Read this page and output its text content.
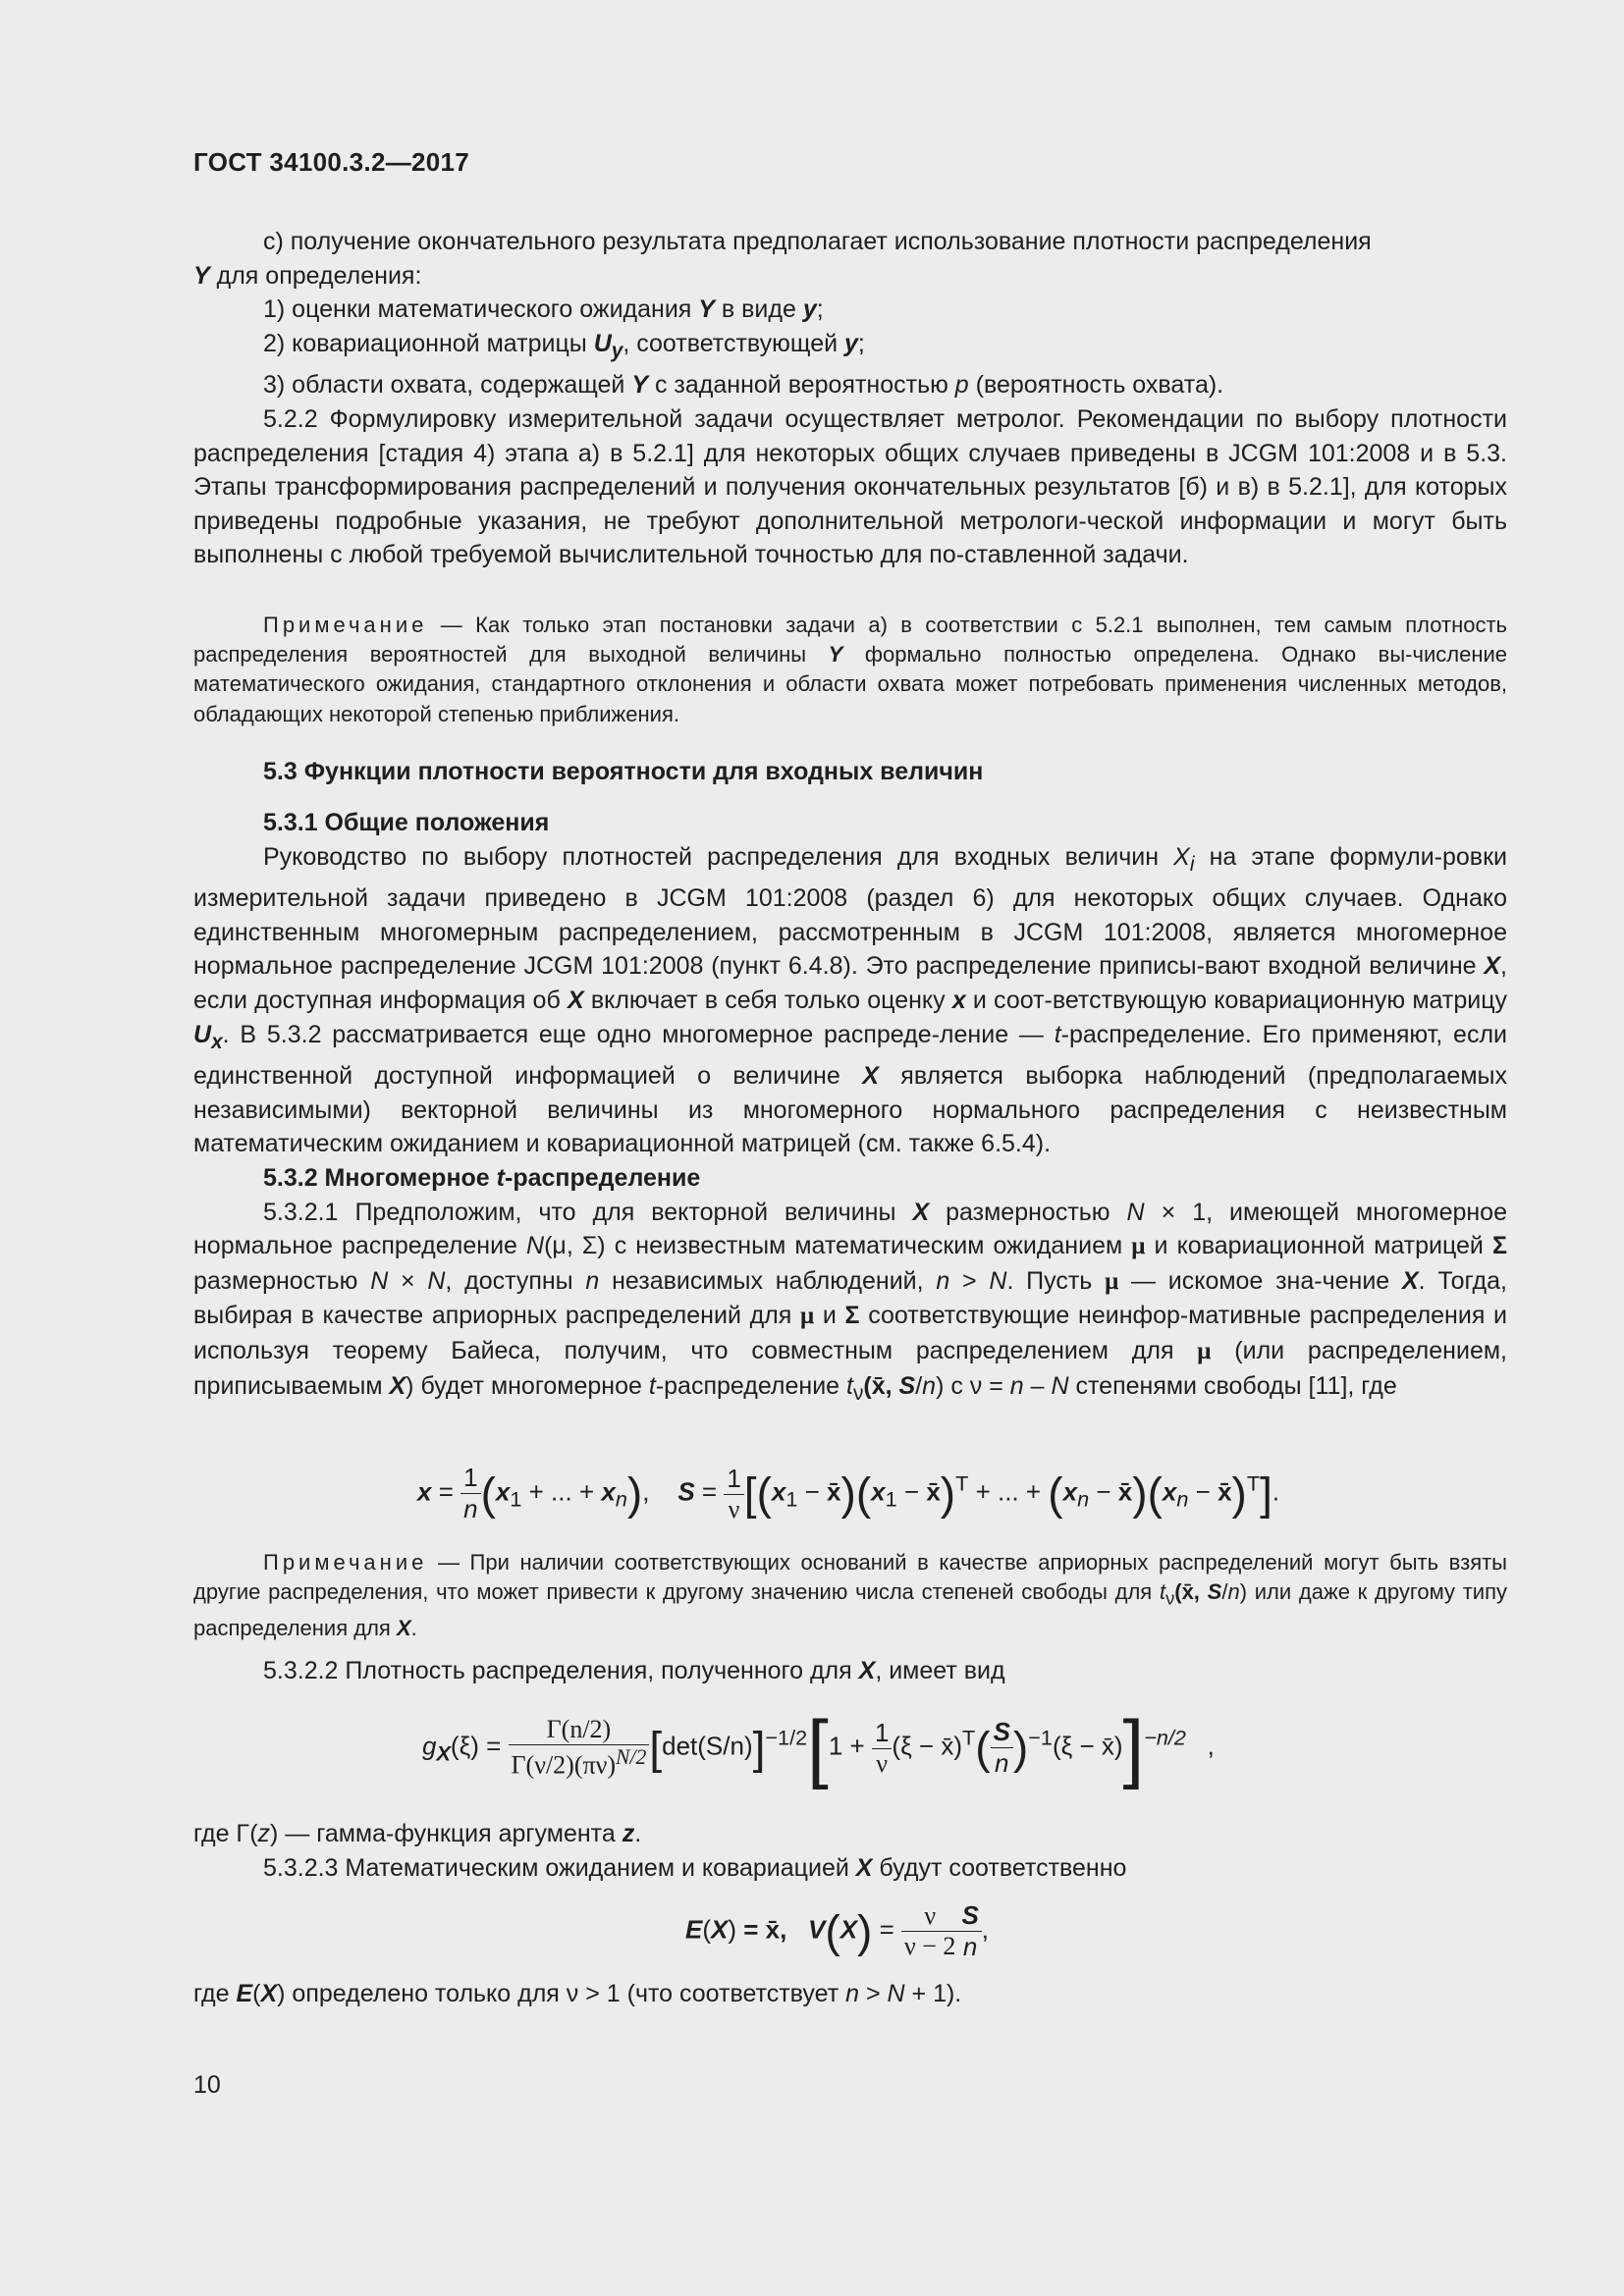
ГОСТ 34100.3.2—2017

с) получение окончательного результата предполагает использование плотности распределения

Y для определения:

1) оценки математического ожидания Y в виде y;

2) ковариационной матрицы $U_y$, соответствующей y;

3) области охвата, содержащей Y с заданной вероятностью p (вероятность охвата).

5.2.2 Формулировку измерительной задачи осуществляет метролог. Рекомендации по выбору плотности распределения [стадия 4) этапа а) в 5.2.1] для некоторых общих случаев приведены в JCGM 101:2008 и в 5.3. Этапы трансформирования распределений и получения окончательных результатов [б) и в) в 5.2.1], для которых приведены подробные указания, не требуют дополнительной метрологи-ческой информации и могут быть выполнены с любой требуемой вычислительной точностью для по-ставленной задачи.

Примечание — Как только этап постановки задачи а) в соответствии с 5.2.1 выполнен, тем самым плотность распределения вероятностей для выходной величины Y формально полностью определена. Однако вы-числение математического ожидания, стандартного отклонения и области охвата может потребовать применения численных методов, обладающих некоторой степенью приближения.

5.3 Функции плотности вероятности для входных величин

5.3.1 Общие положения

Руководство по выбору плотностей распределения для входных величин $X_i$ на этапе формули-ровки измерительной задачи приведено в JCGM 101:2008 (раздел 6) для некоторых общих случаев. Однако единственным многомерным распределением, рассмотренным в JCGM 101:2008, является многомерное нормальное распределение JCGM 101:2008 (пункт 6.4.8). Это распределение приписы-вают входной величине X, если доступная информация об X включает в себя только оценку x и соот-ветствующую ковариационную матрицу $U_x$. В 5.3.2 рассматривается еще одно многомерное распреде-ление — t-распределение. Его применяют, если единственной доступной информацией о величине X является выборка наблюдений (предполагаемых независимыми) векторной величины из многомерного нормального распределения с неизвестным математическим ожиданием и ковариационной матрицей (см. также 6.5.4).

5.3.2 Многомерное t-распределение

5.3.2.1 Предположим, что для векторной величины X размерностью N × 1, имеющей многомерное нормальное распределение N(μ, Σ) с неизвестным математическим ожиданием μ и ковариационной матрицей Σ размерностью N × N, доступны n независимых наблюдений, n > N. Пусть μ — искомое зна-чение X. Тогда, выбирая в качестве априорных распределений для μ и Σ соответствующие неинфор-мативные распределения и используя теорему Байеса, получим, что совместным распределением для μ (или распределением, приписываемым X) будет многомерное t-распределение $t_\nu(x̄$, S/n) с ν = n – N степенями свободы [11], где

$x = \frac{1}{n} (x_1$ + ... + $x_n$),    $S = \frac{1}{\nu} [(x_1$ − $x̄)(x_1$ − x̄)$^T$ + ... + ($x_n$ − $x̄)(x_n$ − x̄)$^T$].

Примечание — При наличии соответствующих оснований в качестве априорных распределений могут быть взяты другие распределения, что может привести к другому значению числа степеней свободы для $t_\nu(x̄$, S/n) или даже к другому типу распределения для X.

5.3.2.2 Плотность распределения, полученного для X, имеет вид

$g_X(\xi) = \frac{\Gamma(n/2)}{\Gamma(\nu/2)(\pi\nu)^{N/2}} [\det(S/n)]^{-1/2}[1 + \frac{1}{\nu} (\xi$ − x̄)$^T$( $\frac{S}{n} )^{-1}(\xi$ − x̄)]$^{-n/2}$ ,

где Γ(z) — гамма-функция аргумента z.

5.3.2.3 Математическим ожиданием и ковариацией X будут соответственно

E(X) = x̄, $V(X) = \frac{\nu}{\nu - 2} \frac{S}{n}$ ,

где E(X) определено только для ν > 1 (что соответствует n > N + 1).

10
